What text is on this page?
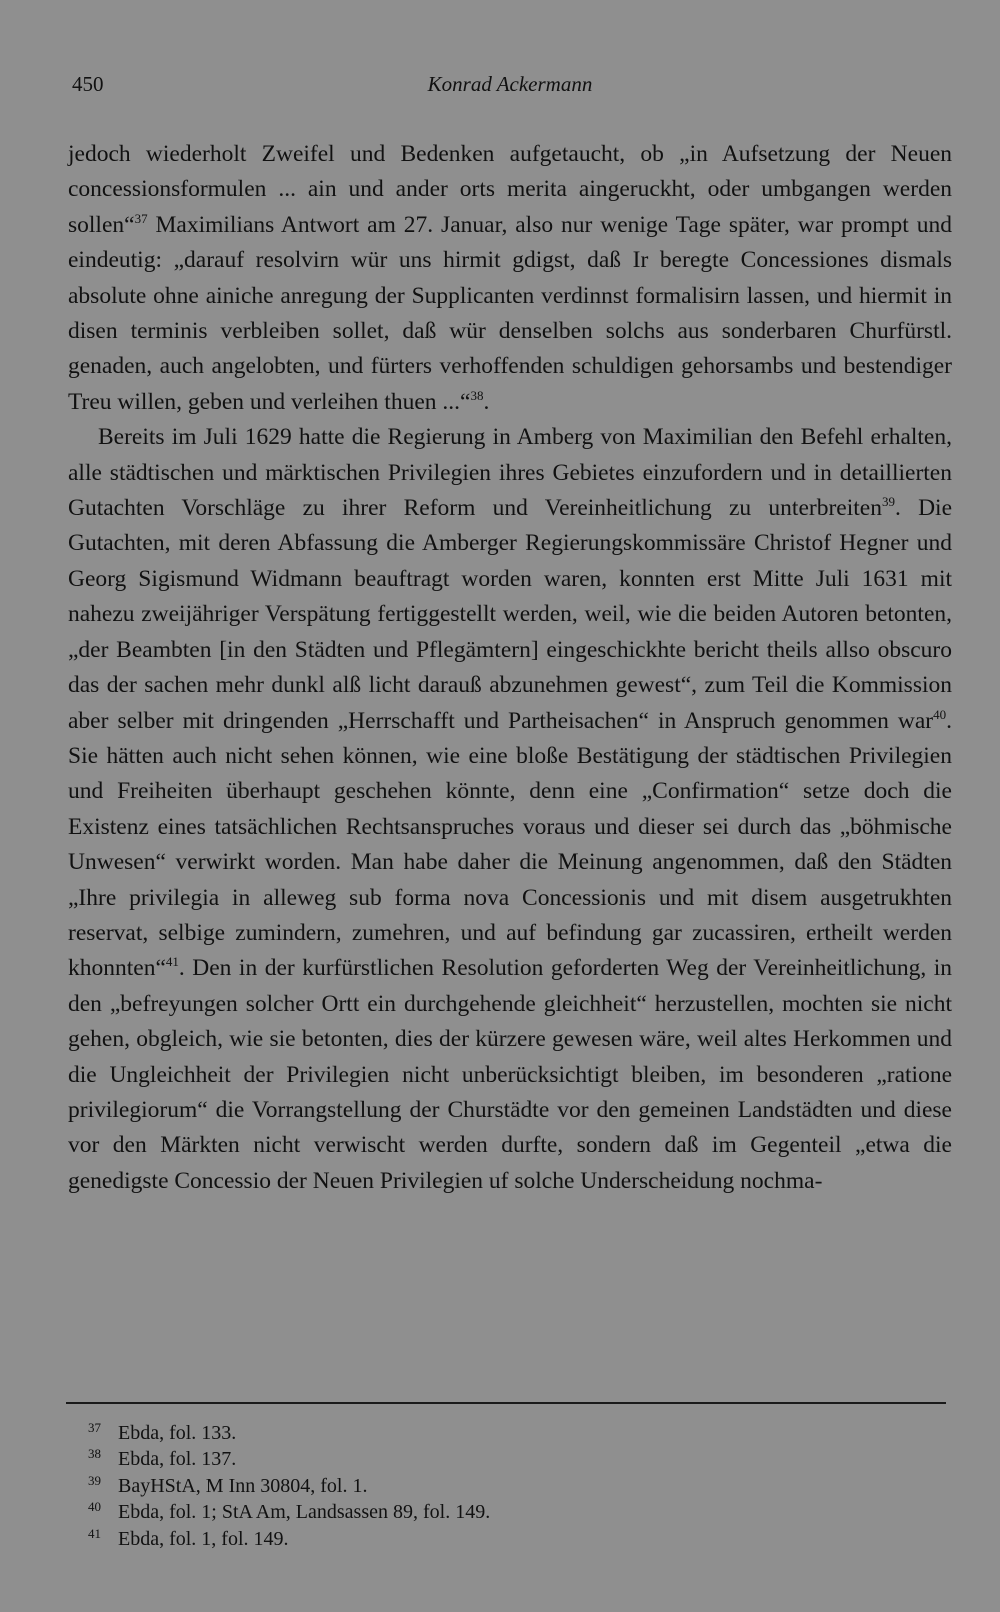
450	Konrad Ackermann

jedoch wiederholt Zweifel und Bedenken aufgetaucht, ob „in Aufsetzung der Neuen concessionsformulen ... ain und ander orts merita aingeruckht, oder umbgangen werden sollen“$^{37}$ Maximilians Antwort am 27. Januar, also nur wenige Tage später, war prompt und eindeutig: „darauf resolvirn wür uns hirmit gdigst, daß Ir beregte Concessiones dismals absolute ohne ainiche anregung der Supplicanten verdinnst formalisirn lassen, und hiermit in disen terminis verbleiben sollet, daß wür denselben solchs aus sonderbaren Churfürstl. genaden, auch angelobten, und fürters verhoffenden schuldigen gehorsambs und bestendiger Treu willen, geben und verleihen thuen ...“$^{38}$.

Bereits im Juli 1629 hatte die Regierung in Amberg von Maximilian den Befehl erhalten, alle städtischen und märktischen Privilegien ihres Gebietes einzufordern und in detaillierten Gutachten Vorschläge zu ihrer Reform und Vereinheitlichung zu unterbreiten$^{39}$. Die Gutachten, mit deren Abfassung die Amberger Regierungskommissäre Christof Hegner und Georg Sigismund Widmann beauftragt worden waren, konnten erst Mitte Juli 1631 mit nahezu zweijähriger Verspätung fertiggestellt werden, weil, wie die beiden Autoren betonten, „der Beambten [in den Städten und Pflegämtern] eingeschickhte bericht theils allso obscuro das der sachen mehr dunkl alß licht darauß abzunehmen gewest“, zum Teil die Kommission aber selber mit dringenden „Herrschafft und Partheisachen“ in Anspruch genommen war$^{40}$. Sie hätten auch nicht sehen können, wie eine bloße Bestätigung der städtischen Privilegien und Freiheiten überhaupt geschehen könnte, denn eine „Confirmation“ setze doch die Existenz eines tatsächlichen Rechtsanspruches voraus und dieser sei durch das „böhmische Unwesen“ verwirkt worden. Man habe daher die Meinung angenommen, daß den Städten „Ihre privilegia in alleweg sub forma nova Concessionis und mit disem ausgetrukhten reservat, selbige zumindern, zumehren, und auf befindung gar zucassiren, ertheilt werden khonnten“$^{41}$. Den in der kurfürstlichen Resolution geforderten Weg der Vereinheitlichung, in den „befreyungen solcher Ortt ein durchgehende gleichheit“ herzustellen, mochten sie nicht gehen, obgleich, wie sie betonten, dies der kürzere gewesen wäre, weil altes Herkommen und die Ungleichheit der Privilegien nicht unberücksichtigt bleiben, im besonderen „ratione privilegiorum“ die Vorrangstellung der Churstädte vor den gemeinen Landstädten und diese vor den Märkten nicht verwischt werden durfte, sondern daß im Gegenteil „etwa die genedigste Concessio der Neuen Privilegien uf solche Underscheidung nochma-

37 Ebda, fol. 133.
38 Ebda, fol. 137.
39 BayHStA, M Inn 30804, fol. 1.
40 Ebda, fol. 1; StA Am, Landsassen 89, fol. 149.
41 Ebda, fol. 1, fol. 149.
